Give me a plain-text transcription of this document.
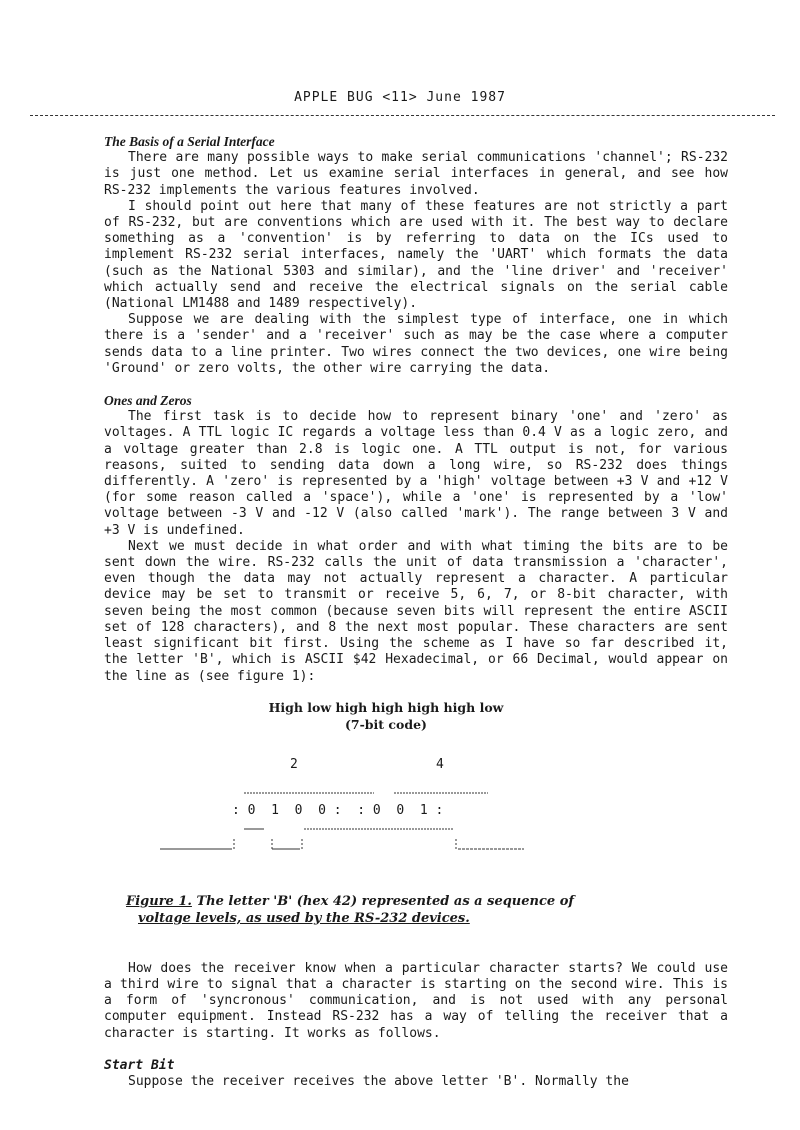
APPLE BUG <11> June 1987

The Basis of a Serial Interface

There are many possible ways to make serial communications 'channel'; RS-232 is just one method. Let us examine serial interfaces in general, and see how RS-232 implements the various features involved.

I should point out here that many of these features are not strictly a part of RS-232, but are conventions which are used with it. The best way to declare something as a 'convention' is by referring to data on the ICs used to implement RS-232 serial interfaces, namely the 'UART' which formats the data (such as the National 5303 and similar), and the 'line driver' and 'receiver' which actually send and receive the electrical signals on the serial cable (National LM1488 and 1489 respectively).

Suppose we are dealing with the simplest type of interface, one in which there is a 'sender' and a 'receiver' such as may be the case where a computer sends data to a line printer. Two wires connect the two devices, one wire being 'Ground' or zero volts, the other wire carrying the data.

Ones and Zeros

The first task is to decide how to represent binary 'one' and 'zero' as voltages. A TTL logic IC regards a voltage less than 0.4 V as a logic zero, and a voltage greater than 2.8 is logic one. A TTL output is not, for various reasons, suited to sending data down a long wire, so RS-232 does things differently. A 'zero' is represented by a 'high' voltage between +3 V and +12 V (for some reason called a 'space'), while a 'one' is represented by a 'low' voltage between -3 V and -12 V (also called 'mark'). The range between 3 V and +3 V is undefined.

Next we must decide in what order and with what timing the bits are to be sent down the wire. RS-232 calls the unit of data transmission a 'character', even though the data may not actually represent a character. A particular device may be set to transmit or receive 5, 6, 7, or 8-bit character, with seven being the most common (because seven bits will represent the entire ASCII set of 128 characters), and 8 the next most popular. These characters are sent least significant bit first. Using the scheme as I have so far described it, the letter 'B', which is ASCII $42 Hexadecimal, or 66 Decimal, would appear on the line as (see figure 1):

High low high high high high low
(7-bit code)
2	4
: 0  1  0  0 :  : 0  0  1 :
Figure 1. The letter 'B' (hex 42) represented as a sequence of
voltage levels, as used by the RS-232 devices.

How does the receiver know when a particular character starts? We could use a third wire to signal that a character is starting on the second wire. This is a form of 'syncronous' communication, and is not used with any personal computer equipment. Instead RS-232 has a way of telling the receiver that a character is starting. It works as follows.

Start Bit

Suppose the receiver receives the above letter 'B'. Normally the
